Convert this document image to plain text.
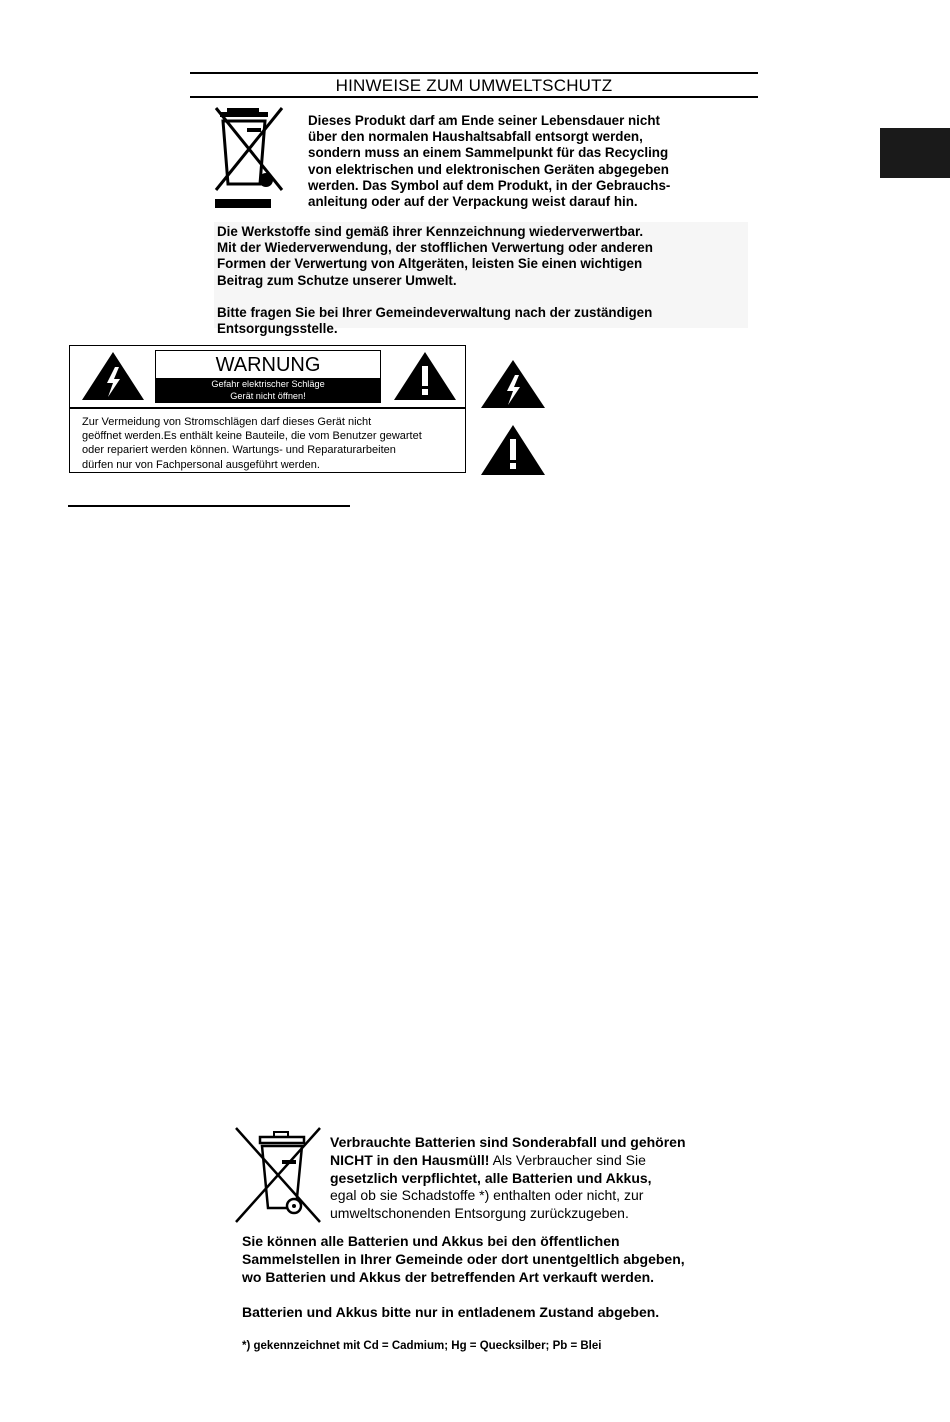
HINWEISE ZUM UMWELTSCHUTZ

Dieses Produkt darf am Ende seiner Lebensdauer nicht
über den normalen Haushaltsabfall entsorgt werden,
sondern muss an einem Sammelpunkt für das Recycling
von elektrischen und elektronischen Geräten abgegeben
werden. Das Symbol auf dem Produkt, in der Gebrauchs-
anleitung oder auf der Verpackung weist darauf hin.

Die Werkstoffe sind gemäß ihrer Kennzeichnung wiederverwertbar.
Mit der Wiederverwendung, der stofflichen Verwertung oder anderen
Formen der Verwertung von Altgeräten, leisten Sie einen wichtigen
Beitrag zum Schutze unserer Umwelt.

Bitte fragen Sie bei Ihrer Gemeindeverwaltung nach der zuständigen
Entsorgungsstelle.

WARNUNG
Gefahr elektrischer Schläge
Gerät nicht öffnen!

Zur Vermeidung von Stromschlägen darf dieses Gerät nicht
geöffnet werden.Es enthält keine Bauteile, die vom Benutzer gewartet
oder repariert werden können. Wartungs- und Reparaturarbeiten
dürfen nur von Fachpersonal ausgeführt werden.

Verbrauchte Batterien sind Sonderabfall und gehören
NICHT in den Hausmüll! Als Verbraucher sind Sie
gesetzlich verpflichtet, alle Batterien und Akkus,
egal ob sie Schadstoffe *) enthalten oder nicht, zur
umweltschonenden Entsorgung zurückzugeben.

Sie können alle Batterien und Akkus bei den öffentlichen
Sammelstellen in Ihrer Gemeinde oder dort unentgeltlich abgeben,
wo Batterien und Akkus der betreffenden Art verkauft werden.

Batterien und Akkus bitte nur in entladenem Zustand abgeben.

*) gekennzeichnet mit Cd = Cadmium; Hg = Quecksilber; Pb = Blei
